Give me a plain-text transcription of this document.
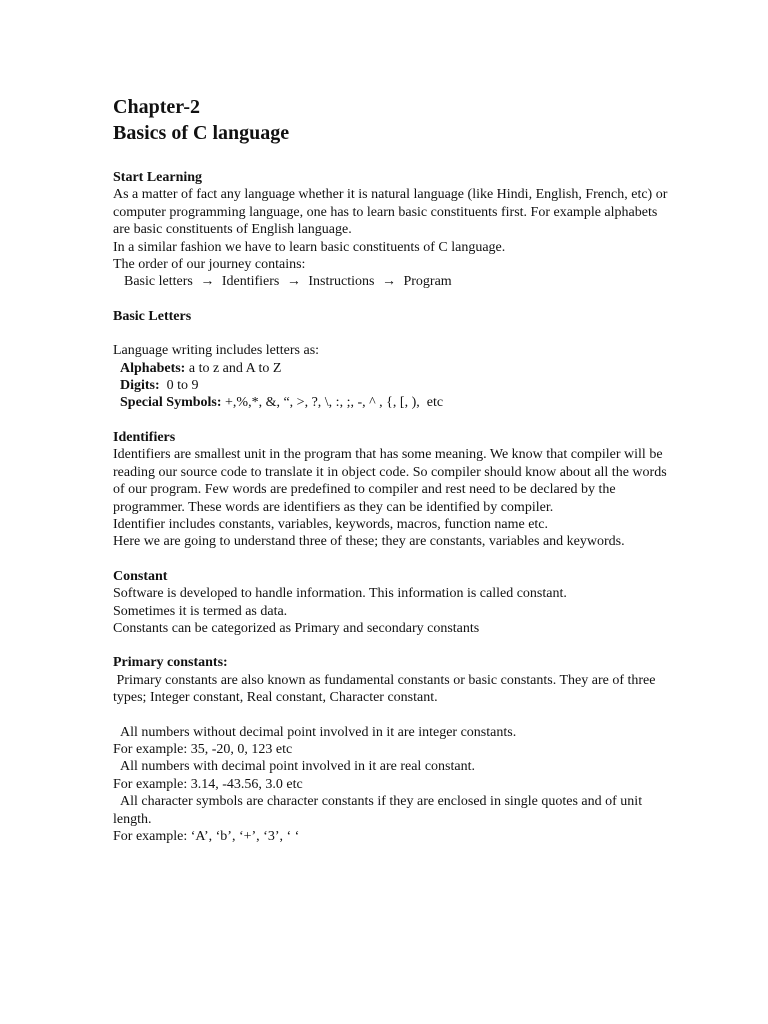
Chapter-2
Basics of C language
Start Learning

As a matter of fact any language whether it is natural language (like Hindi, English, French, etc) or computer programming language, one has to learn basic constituents first. For example alphabets are basic constituents of English language.

In a similar fashion we have to learn basic constituents of C language.

The order of our journey contains:

Basic letters → Identifiers → Instructions → Program
Basic Letters

Language writing includes letters as:

Alphabets: a to z and A to Z
Digits:  0 to 9
Special Symbols: +,%,*, &, “, >, ?, \, :, ;, -, ^ , {, [, ),  etc
Identifiers

Identifiers are smallest unit in the program that has some meaning. We know that compiler will be reading our source code to translate it in object code. So compiler should know about all the words of our program. Few words are predefined to compiler and rest need to be declared by the programmer. These words are identifiers as they can be identified by compiler.

Identifier includes constants, variables, keywords, macros, function name etc.

Here we are going to understand three of these; they are constants, variables and keywords.

Constant

Software is developed to handle information. This information is called constant.

Sometimes it is termed as data.

Constants can be categorized as Primary and secondary constants

Primary constants:

Primary constants are also known as fundamental constants or basic constants. They are of three types; Integer constant, Real constant, Character constant.

All numbers without decimal point involved in it are integer constants.

For example: 35, -20, 0, 123 etc

All numbers with decimal point involved in it are real constant.

For example: 3.14, -43.56, 3.0 etc

All character symbols are character constants if they are enclosed in single quotes and of unit length.

For example: ‘A’, ‘b’, ‘+’, ‘3’, ‘ ‘
